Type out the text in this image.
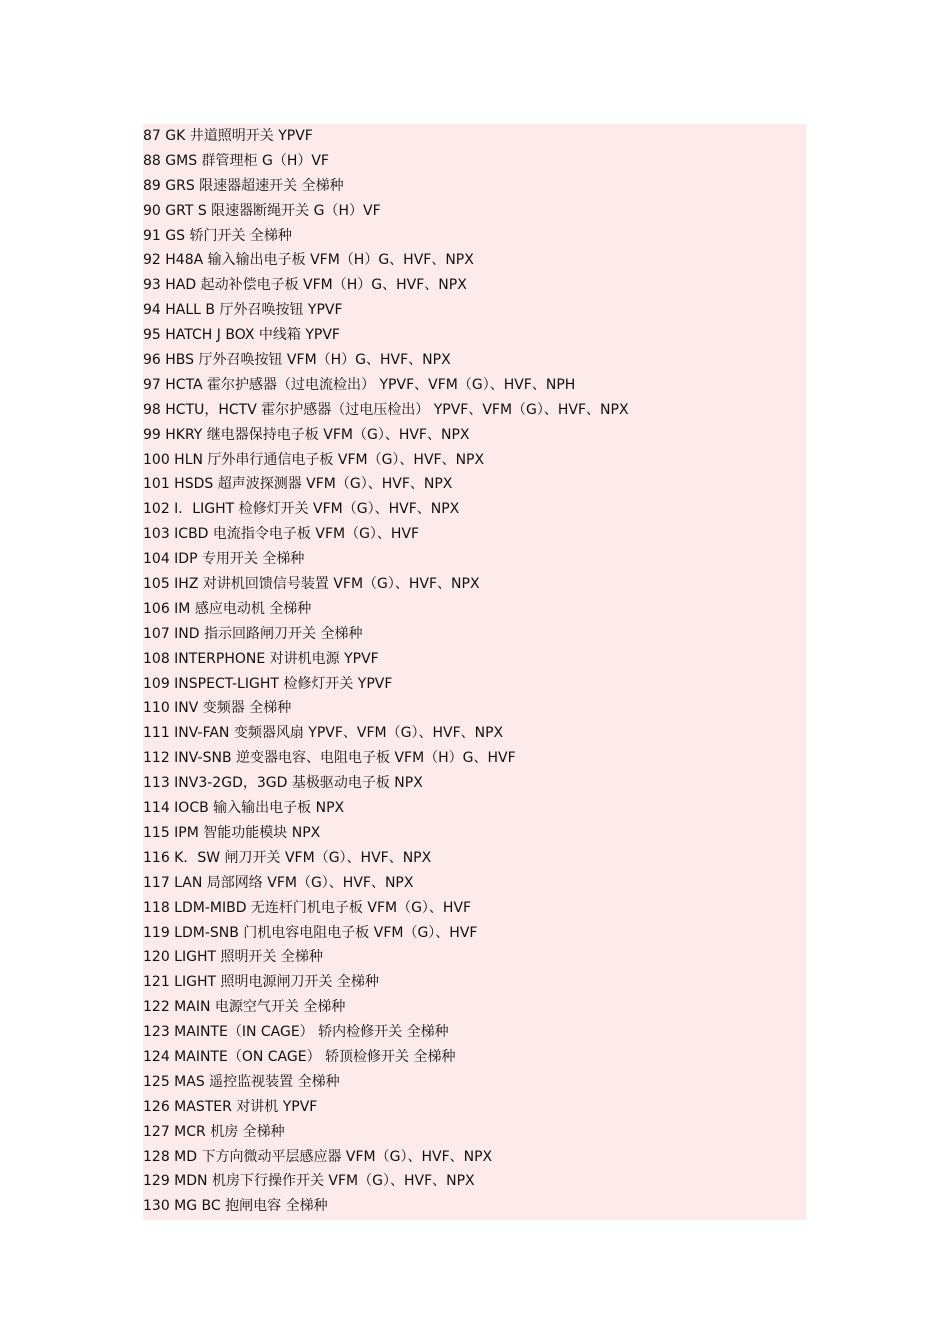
87 GK 井道照明开关 YPVF
88 GMS 群管理柜 G（H）VF
89 GRS 限速器超速开关 全梯种
90 GRT S 限速器断绳开关 G（H）VF
91 GS 轿门开关 全梯种
92 H48A 输入输出电子板 VFM（H）G、HVF、NPX
93 HAD 起动补偿电子板 VFM（H）G、HVF、NPX
94 HALL B 厅外召唤按钮 YPVF
95 HATCH J BOX 中线箱 YPVF
96 HBS 厅外召唤按钮 VFM（H）G、HVF、NPX
97 HCTA 霍尔护感器（过电流检出） YPVF、VFM（G）、HVF、NPH
98 HCTU，HCTV 霍尔护感器（过电压检出） YPVF、VFM（G）、HVF、NPX
99 HKRY 继电器保持电子板 VFM（G）、HVF、NPX
100 HLN 厅外串行通信电子板 VFM（G）、HVF、NPX
101 HSDS 超声波探测器 VFM（G）、HVF、NPX
102 I．LIGHT 检修灯开关 VFM（G）、HVF、NPX
103 ICBD 电流指令电子板 VFM（G）、HVF
104 IDP 专用开关 全梯种
105 IHZ 对讲机回馈信号装置 VFM（G）、HVF、NPX
106 IM 感应电动机 全梯种
107 IND 指示回路闸刀开关 全梯种
108 INTERPHONE 对讲机电源 YPVF
109 INSPECT-LIGHT 检修灯开关 YPVF
110 INV 变频器 全梯种
111 INV-FAN 变频器风扇 YPVF、VFM（G）、HVF、NPX
112 INV-SNB 逆变器电容、电阻电子板 VFM（H）G、HVF
113 INV3-2GD，3GD 基极驱动电子板 NPX
114 IOCB 输入输出电子板 NPX
115 IPM 智能功能模块 NPX
116 K．SW 闸刀开关 VFM（G）、HVF、NPX
117 LAN 局部网络 VFM（G）、HVF、NPX
118 LDM-MIBD 无连杆门机电子板 VFM（G）、HVF
119 LDM-SNB 门机电容电阻电子板 VFM（G）、HVF
120 LIGHT 照明开关 全梯种
121 LIGHT 照明电源闸刀开关 全梯种
122 MAIN 电源空气开关 全梯种
123 MAINTE（IN CAGE） 轿内检修开关 全梯种
124 MAINTE（ON CAGE） 轿顶检修开关 全梯种
125 MAS 遥控监视装置 全梯种
126 MASTER 对讲机 YPVF
127 MCR 机房 全梯种
128 MD 下方向微动平层感应器 VFM（G）、HVF、NPX
129 MDN 机房下行操作开关 VFM（G）、HVF、NPX
130 MG BC 抱闸电容 全梯种
